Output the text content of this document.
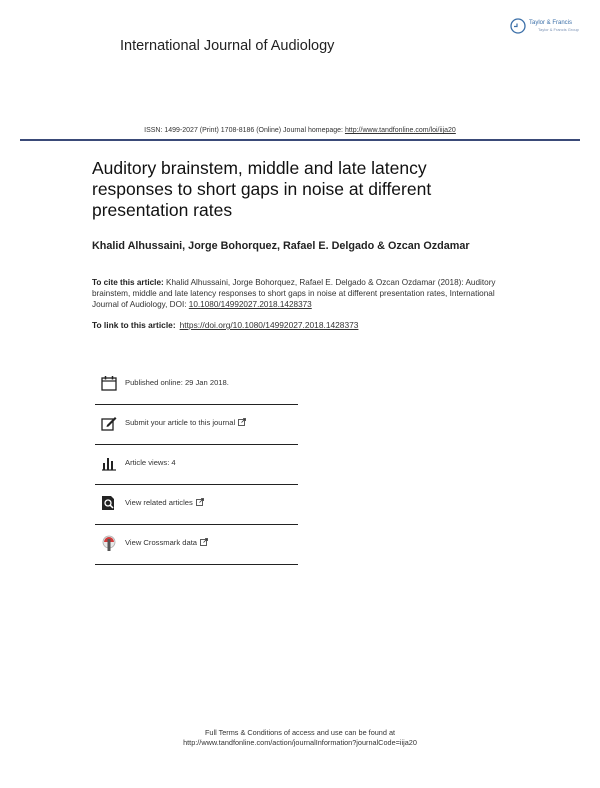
International Journal of Audiology
Taylor & Francis
Taylor & Francis Group
ISSN: 1499-2027 (Print) 1708-8186 (Online) Journal homepage: http://www.tandfonline.com/loi/iija20
Auditory brainstem, middle and late latency responses to short gaps in noise at different presentation rates
Khalid Alhussaini, Jorge Bohorquez, Rafael E. Delgado & Ozcan Ozdamar
To cite this article: Khalid Alhussaini, Jorge Bohorquez, Rafael E. Delgado & Ozcan Ozdamar (2018): Auditory brainstem, middle and late latency responses to short gaps in noise at different presentation rates, International Journal of Audiology, DOI: 10.1080/14992027.2018.1428373
To link to this article: https://doi.org/10.1080/14992027.2018.1428373
Published online: 29 Jan 2018.
Submit your article to this journal
Article views: 4
View related articles
View Crossmark data
Full Terms & Conditions of access and use can be found at
http://www.tandfonline.com/action/journalInformation?journalCode=iija20
